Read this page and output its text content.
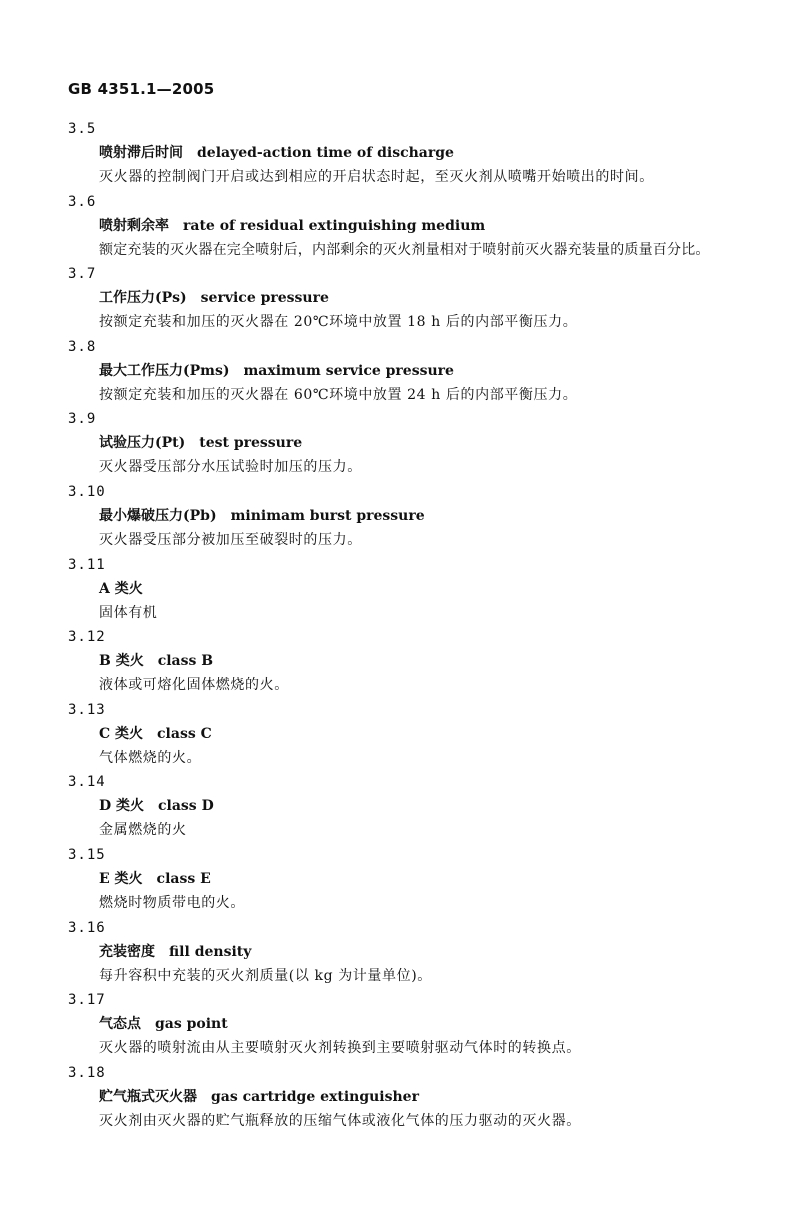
GB 4351.1—2005
3.5
喷射滞后时间 delayed-action time of discharge
灭火器的控制阀门开启或达到相应的开启状态时起，至灭火剂从喷嘴开始喷出的时间。
3.6
喷射剩余率 rate of residual extinguishing medium
额定充装的灭火器在完全喷射后，内部剩余的灭火剂量相对于喷射前灭火器充装量的质量百分比。
3.7
工作压力(Ps) service pressure
按额定充装和加压的灭火器在 20℃环境中放置 18 h 后的内部平衡压力。
3.8
最大工作压力(Pms) maximum service pressure
按额定充装和加压的灭火器在 60℃环境中放置 24 h 后的内部平衡压力。
3.9
试验压力(Pt) test pressure
灭火器受压部分水压试验时加压的压力。
3.10
最小爆破压力(Pb) minimam burst pressure
灭火器受压部分被加压至破裂时的压力。
3.11
A 类火
固体有机
3.12
B 类火 class B
液体或可熔化固体燃烧的火。
3.13
C 类火 class C
气体燃烧的火。
3.14
D 类火 class D
金属燃烧的火
3.15
E 类火 class E
燃烧时物质带电的火。
3.16
充装密度 fill density
每升容积中充装的灭火剂质量(以 kg 为计量单位)。
3.17
气态点 gas point
灭火器的喷射流由从主要喷射灭火剂转换到主要喷射驱动气体时的转换点。
3.18
贮气瓶式灭火器 gas cartridge extinguisher
灭火剂由灭火器的贮气瓶释放的压缩气体或液化气体的压力驱动的灭火器。
